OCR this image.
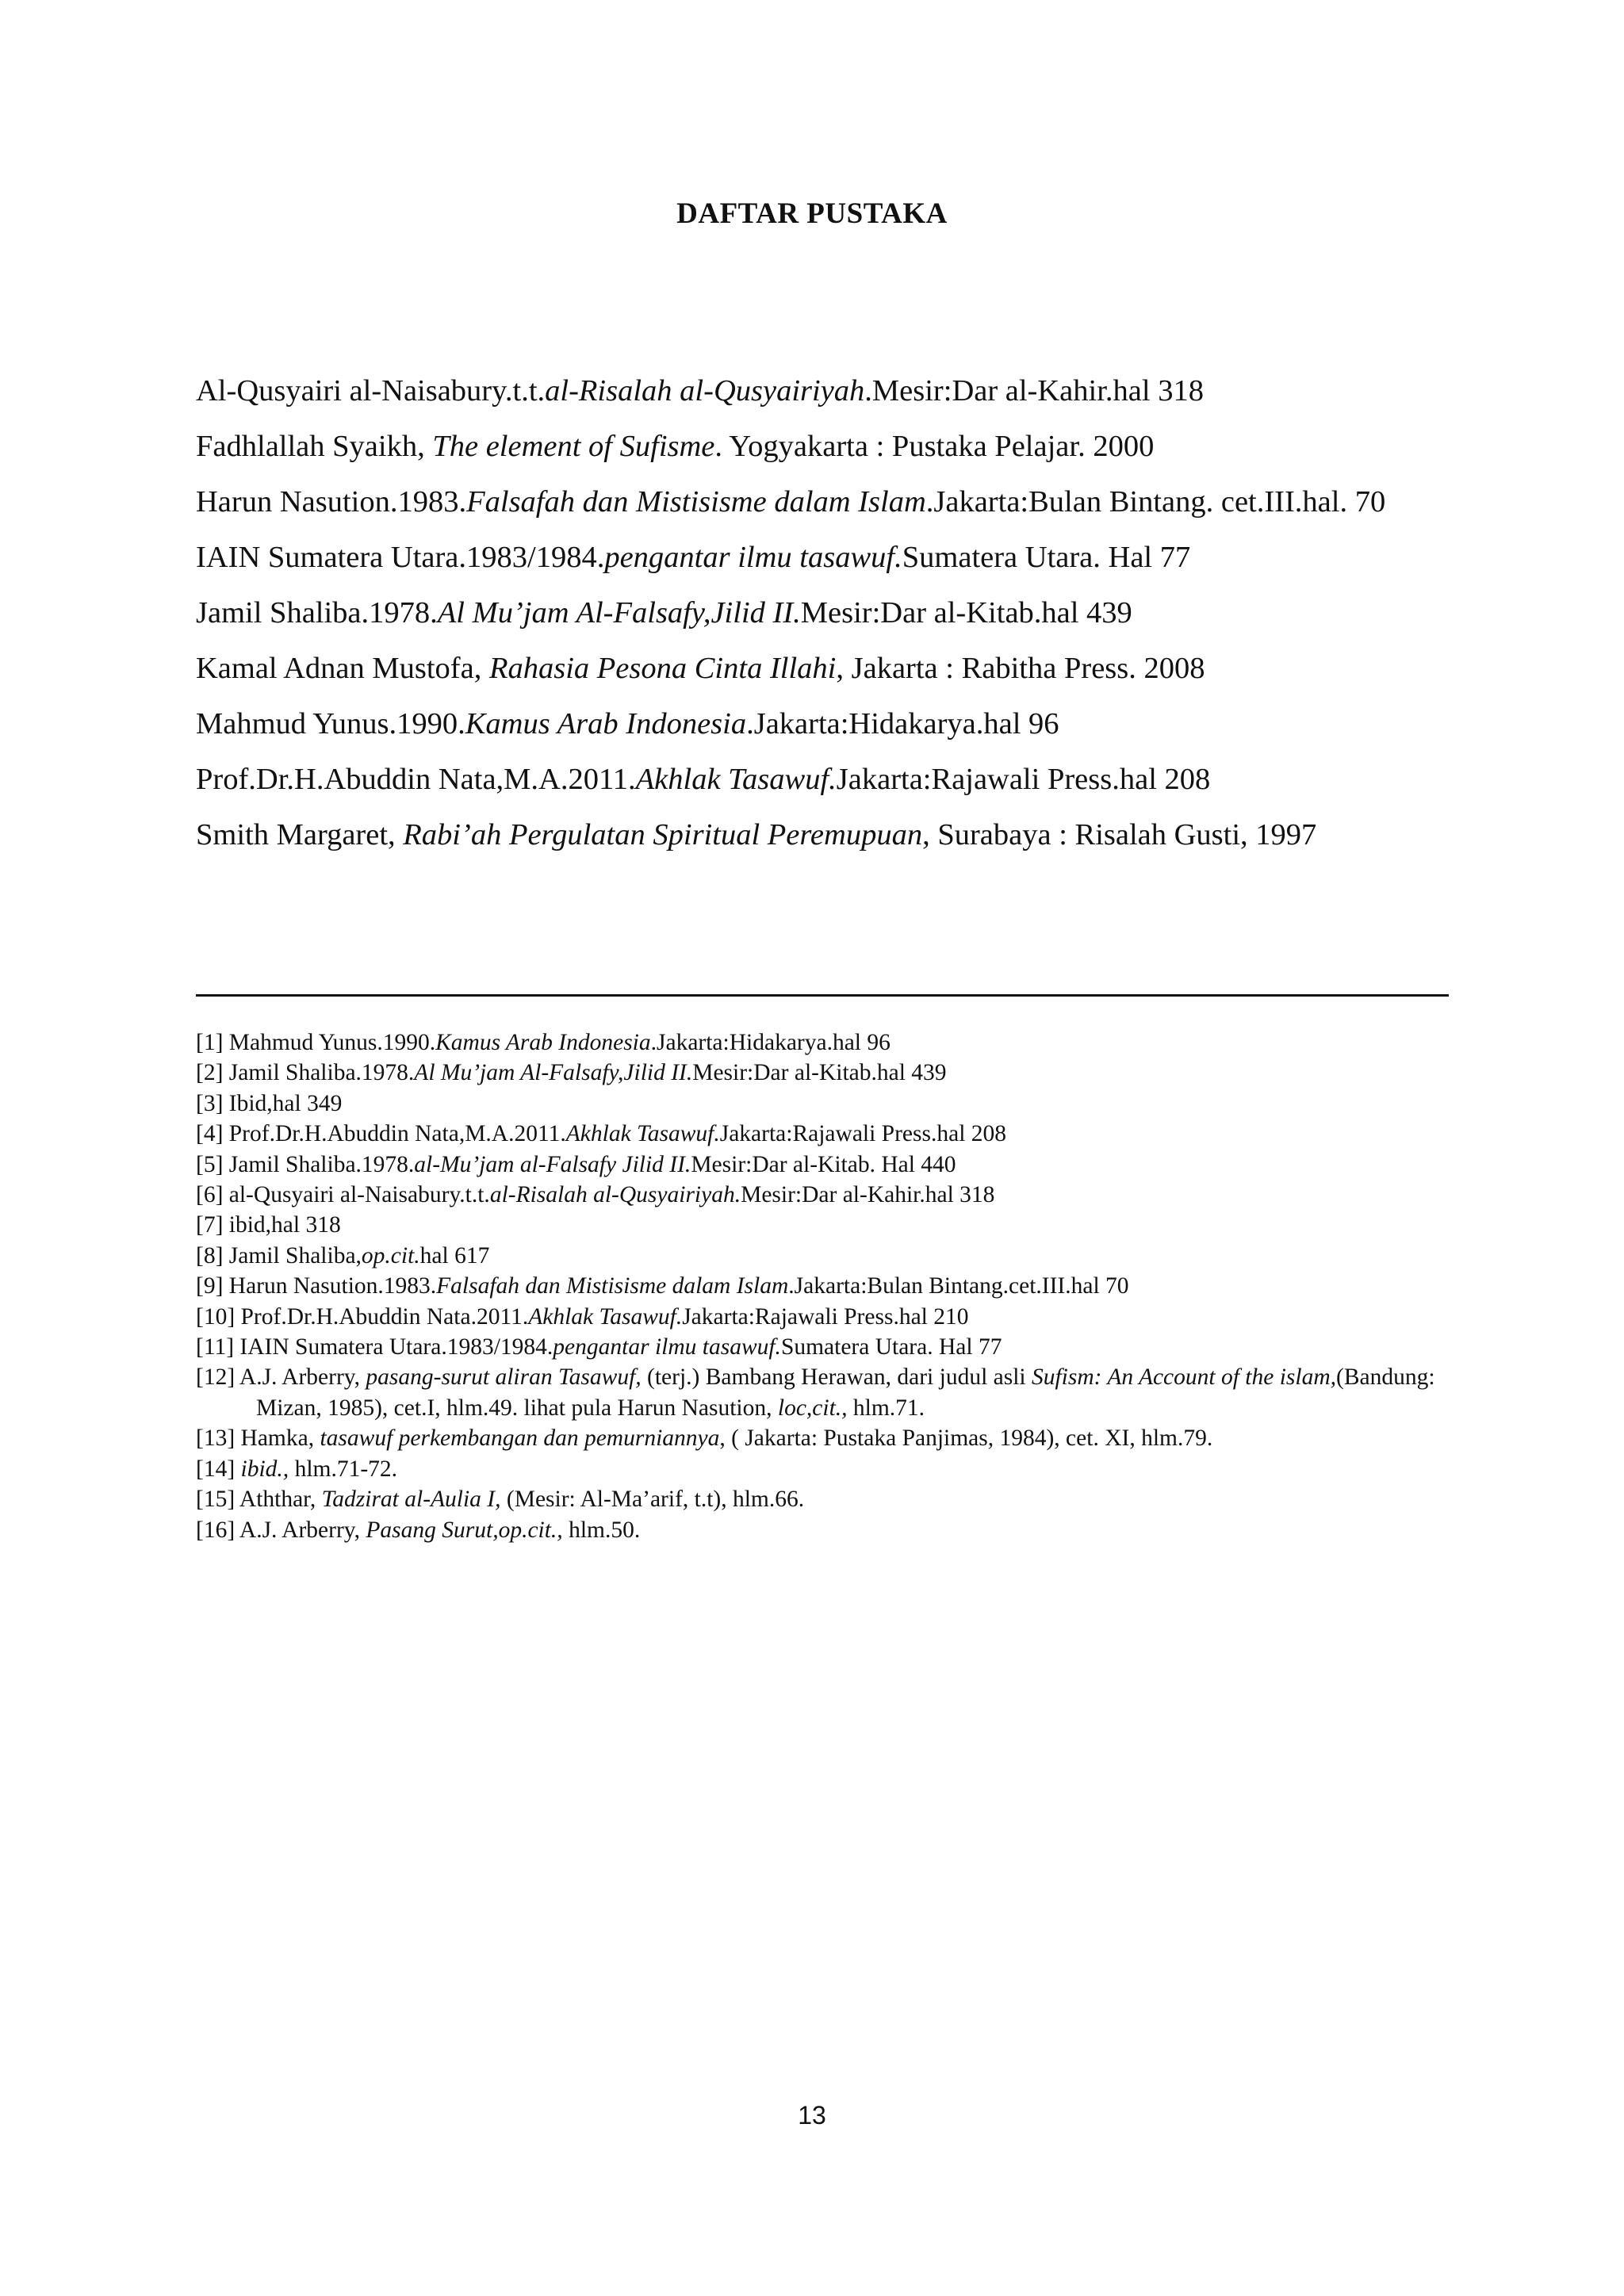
DAFTAR PUSTAKA
Al-Qusyairi al-Naisabury.t.t.al-Risalah al-Qusyairiyah.Mesir:Dar al-Kahir.hal 318
Fadhlallah Syaikh, The element of Sufisme. Yogyakarta : Pustaka Pelajar. 2000
Harun Nasution.1983.Falsafah dan Mistisisme dalam Islam.Jakarta:Bulan Bintang. cet.III.hal. 70
IAIN Sumatera Utara.1983/1984.pengantar ilmu tasawuf.Sumatera Utara. Hal 77
Jamil Shaliba.1978.Al Mu’jam Al-Falsafy,Jilid II.Mesir:Dar al-Kitab.hal 439
Kamal Adnan Mustofa, Rahasia Pesona Cinta Illahi, Jakarta : Rabitha Press. 2008
Mahmud Yunus.1990.Kamus Arab Indonesia.Jakarta:Hidakarya.hal 96
Prof.Dr.H.Abuddin Nata,M.A.2011.Akhlak Tasawuf.Jakarta:Rajawali Press.hal 208
Smith Margaret, Rabi’ah Pergulatan Spiritual Peremupuan, Surabaya : Risalah Gusti, 1997
[1] Mahmud Yunus.1990.Kamus Arab Indonesia.Jakarta:Hidakarya.hal 96
[2] Jamil Shaliba.1978.Al Mu’jam Al-Falsafy,Jilid II.Mesir:Dar al-Kitab.hal 439
[3] Ibid,hal 349
[4] Prof.Dr.H.Abuddin Nata,M.A.2011.Akhlak Tasawuf.Jakarta:Rajawali Press.hal 208
[5] Jamil Shaliba.1978.al-Mu’jam al-Falsafy Jilid II.Mesir:Dar al-Kitab. Hal 440
[6] al-Qusyairi al-Naisabury.t.t.al-Risalah al-Qusyairiyah.Mesir:Dar al-Kahir.hal 318
[7] ibid,hal 318
[8] Jamil Shaliba,op.cit.hal 617
[9] Harun Nasution.1983.Falsafah dan Mistisisme dalam Islam.Jakarta:Bulan Bintang.cet.III.hal 70
[10] Prof.Dr.H.Abuddin Nata.2011.Akhlak Tasawuf.Jakarta:Rajawali Press.hal 210
[11] IAIN Sumatera Utara.1983/1984.pengantar ilmu tasawuf.Sumatera Utara. Hal 77
[12] A.J. Arberry, pasang-surut aliran Tasawuf, (terj.) Bambang Herawan, dari judul asli Sufism: An Account of the islam,(Bandung: Mizan, 1985), cet.I, hlm.49. lihat pula Harun Nasution, loc,cit., hlm.71.
[13] Hamka, tasawuf perkembangan dan pemurniannya, ( Jakarta: Pustaka Panjimas, 1984), cet. XI, hlm.79.
[14] ibid., hlm.71-72.
[15] Aththar, Tadzirat al-Aulia I, (Mesir: Al-Ma’arif, t.t), hlm.66.
[16] A.J. Arberry, Pasang Surut,op.cit., hlm.50.

13
